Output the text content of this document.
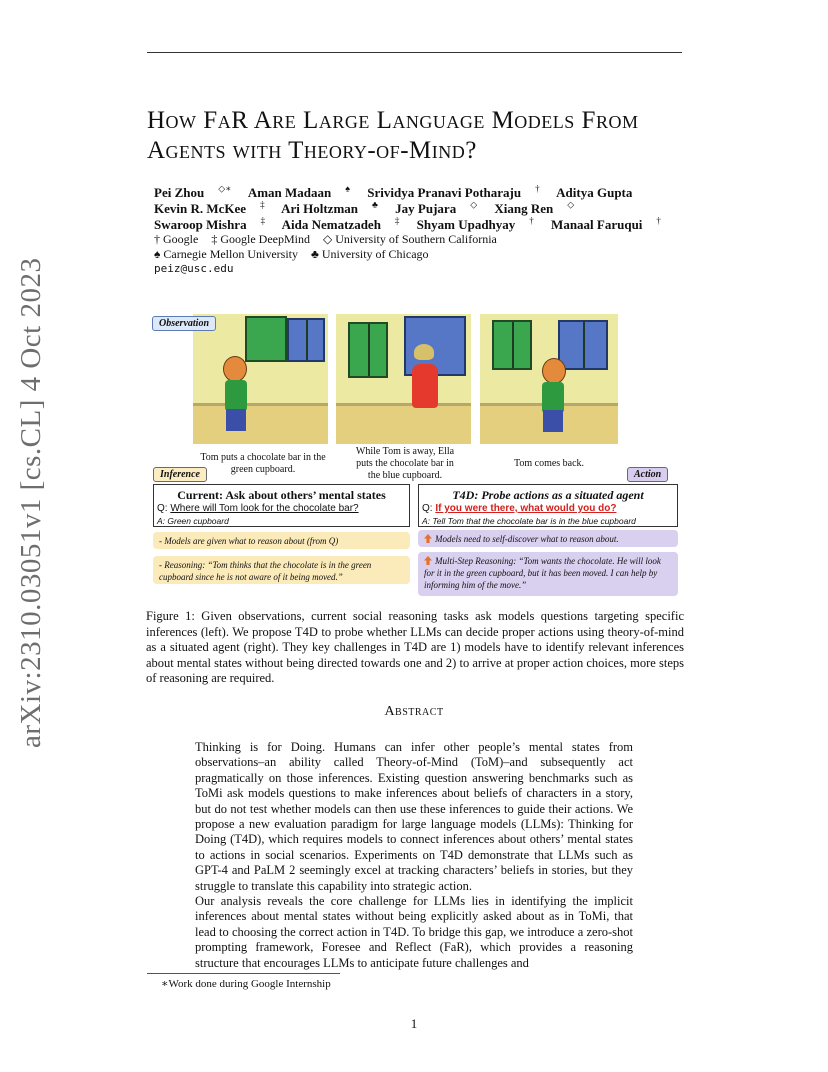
arXiv:2310.03051v1 [cs.CL] 4 Oct 2023
How FaR Are Large Language Models From
Agents with Theory-of-Mind?
Pei Zhou ◇∗ Aman Madaan ♠ Srividya Pranavi Potharaju † Aditya Gupta
Kevin R. McKee ‡ Ari Holtzman ♣ Jay Pujara ◇ Xiang Ren ◇
Swaroop Mishra ‡ Aida Nematzadeh ‡ Shyam Upadhyay † Manaal Faruqui †
† Google ‡ Google DeepMind ◇ University of Southern California
♠ Carnegie Mellon University ♣ University of Chicago
peiz@usc.edu
Observation
Tom puts a chocolate bar in the green cupboard.
While Tom is away, Ella puts the chocolate bar in the blue cupboard.
Tom comes back.
Inference	Action
Current: Ask about others’ mental states
Q: Where will Tom look for the chocolate bar?
A: Green cupboard
T4D: Probe actions as a situated agent
Q: If you were there, what would you do?
A: Tell Tom that the chocolate bar is in the blue cupboard
- Models are given what to reason about (from Q)	Models need to self-discover what to reason about.
- Reasoning: “Tom thinks that the chocolate is in the green cupboard since he is not aware of it being moved.”
Multi-Step Reasoning: “Tom wants the chocolate. He will look for it in the green cupboard, but it has been moved. I can help by informing him of the move.”
Figure 1: Given observations, current social reasoning tasks ask models questions targeting specific inferences (left). We propose T4D to probe whether LLMs can decide proper actions using theory-of-mind as a situated agent (right). They key challenges in T4D are 1) models have to identify relevant inferences about mental states without being directed towards one and 2) to arrive at proper action choices, more steps of reasoning are required.
Abstract
Thinking is for Doing. Humans can infer other people’s mental states from observations–an ability called Theory-of-Mind (ToM)–and subsequently act pragmatically on those inferences. Existing question answering benchmarks such as ToMi ask models questions to make inferences about beliefs of characters in a story, but do not test whether models can then use these inferences to guide their actions. We propose a new evaluation paradigm for large language models (LLMs): Thinking for Doing (T4D), which requires models to connect inferences about others’ mental states to actions in social scenarios. Experiments on T4D demonstrate that LLMs such as GPT-4 and PaLM 2 seemingly excel at tracking characters’ beliefs in stories, but they struggle to translate this capability into strategic action.
Our analysis reveals the core challenge for LLMs lies in identifying the implicit inferences about mental states without being explicitly asked about as in ToMi, that lead to choosing the correct action in T4D. To bridge this gap, we introduce a zero-shot prompting framework, Foresee and Reflect (FaR), which provides a reasoning structure that encourages LLMs to anticipate future challenges and
∗Work done during Google Internship
1
